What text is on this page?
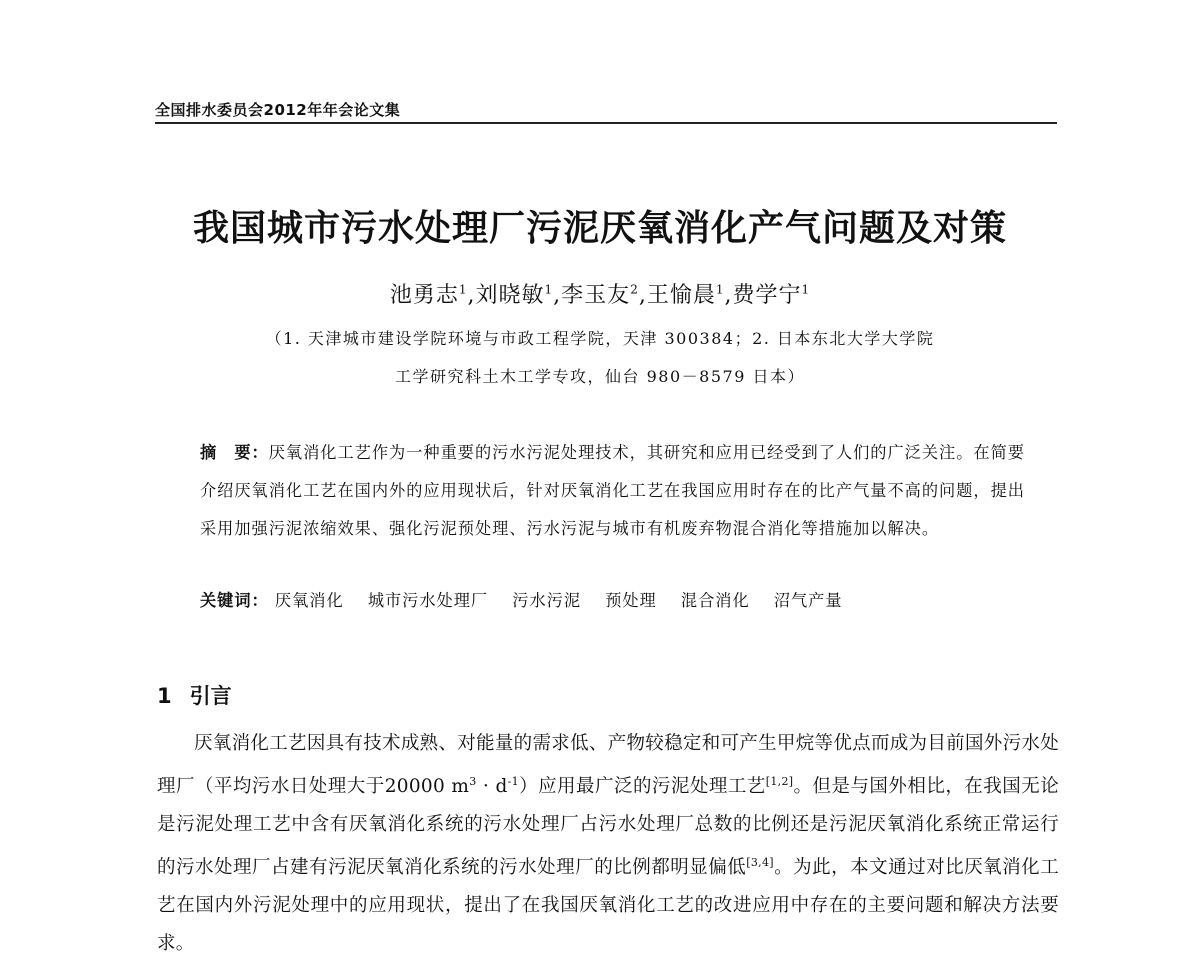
全国排水委员会2012年年会论文集
我国城市污水处理厂污泥厌氧消化产气问题及对策
池勇志$^1$,刘晓敏$^1$,李玉友$^2$,王愉晨$^1$,费学宁$^1$
（1. 天津城市建设学院环境与市政工程学院，天津 300384；2. 日本东北大学大学院
工学研究科土木工学专攻，仙台 980－8579 日本）
摘　要：厌氧消化工艺作为一种重要的污水污泥处理技术，其研究和应用已经受到了人们的广泛关注。在简要介绍厌氧消化工艺在国内外的应用现状后，针对厌氧消化工艺在我国应用时存在的比产气量不高的问题，提出采用加强污泥浓缩效果、强化污泥预处理、污水污泥与城市有机废弃物混合消化等措施加以解决。
关键词： 厌氧消化 城市污水处理厂 污水污泥 预处理 混合消化 沼气产量
1 引言
厌氧消化工艺因具有技术成熟、对能量的需求低、产物较稳定和可产生甲烷等优点而成为目前国外污水处理厂（平均污水日处理大于20000 $m^3 \cdot d^{-1}$）应用最广泛的污泥处理工艺[1,2]。但是与国外相比，在我国无论是污泥处理工艺中含有厌氧消化系统的污水处理厂占污水处理厂总数的比例还是污泥厌氧消化系统正常运行的污水处理厂占建有污泥厌氧消化系统的污水处理厂的比例都明显偏低[3,4]。为此，本文通过对比厌氧消化工艺在国内外污泥处理中的应用现状，提出了在我国厌氧消化工艺的改进应用中存在的主要问题和解决方法要求。
